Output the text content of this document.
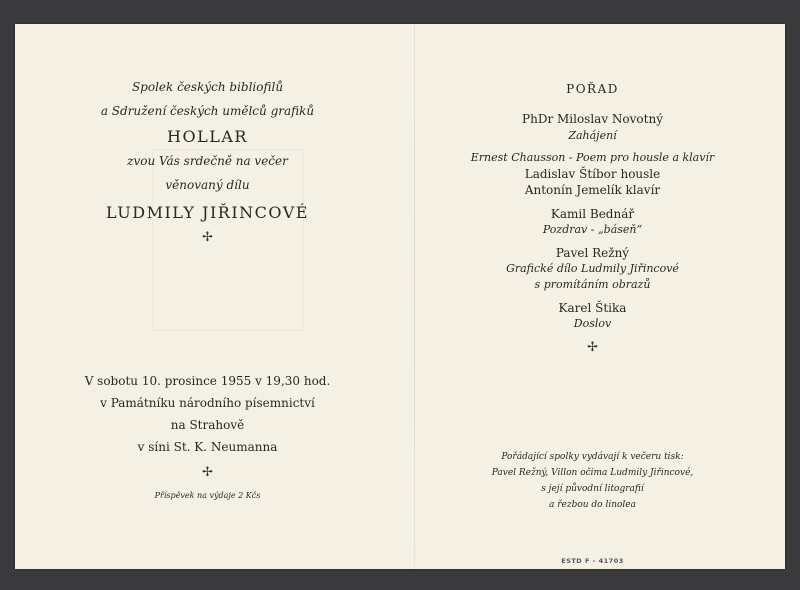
Spolek českých bibliofilů
a Sdružení českých umělců grafiků
HOLLAR
zvou Vás srdečně na večer
věnovaný dílu
LUDMILY JIŘINCOVÉ
✢
V sobotu 10. prosince 1955 v 19,30 hod.
v Památníku národního písemnictví
na Strahově
v síni St. K. Neumanna
✢
Příspěvek na výdaje 2 Kčs
POŘAD
PhDr Miloslav Novotný
Zahájení
Ernest Chausson - Poem pro housle a klavír
Ladislav Štíbor housle
Antonín Jemelík klavír
Kamil Bednář
Pozdrav - „báseň“
Pavel Režný
Grafické dílo Ludmily Jiřincové
s promítáním obrazů
Karel Štika
Doslov
✢
Pořádající spolky vydávají k večeru tisk:
Pavel Režný, Villon očima Ludmily Jiřincové,
s její původní litografií
a řezbou do linolea
ESTD F - 41703
